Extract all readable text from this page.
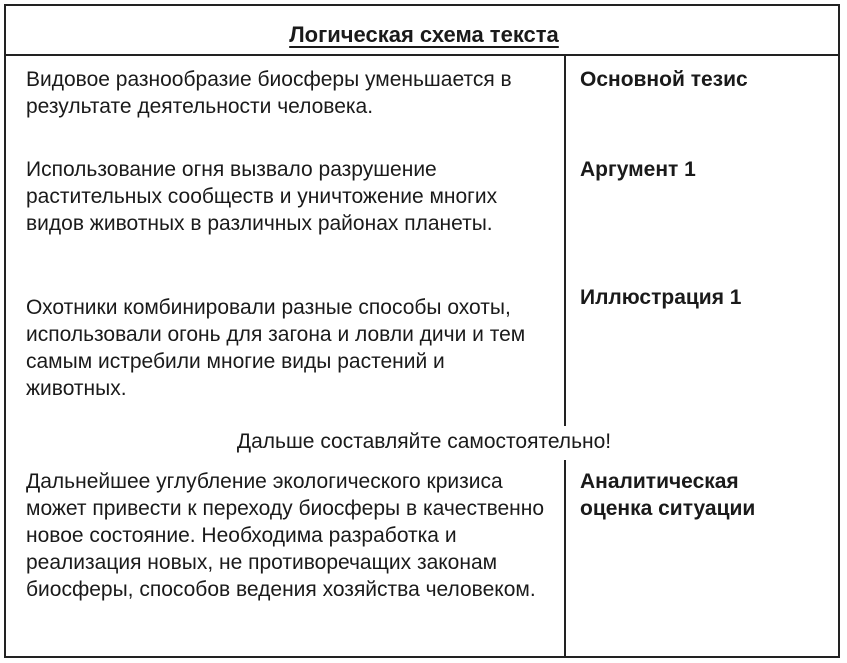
Логическая схема текста
Видовое разнообразие биосферы уменьшается в результате деятельности человека.
Основной тезис
Использование огня вызвало разрушение растительных сообществ и уничтожение многих видов животных в различных районах планеты.
Аргумент 1
Охотники комбинировали разные способы охоты, использовали огонь для загона и ловли дичи и тем самым истребили многие виды растений и животных.
Иллюстрация 1
Дальше составляйте самостоятельно!
Дальнейшее углубление экологического кризиса может привести к переходу биосферы в качественно новое состояние. Необходима разработка и реализация новых, не противоречащих законам биосферы, способов ведения хозяйства человеком.
Аналитическая оценка ситуации
